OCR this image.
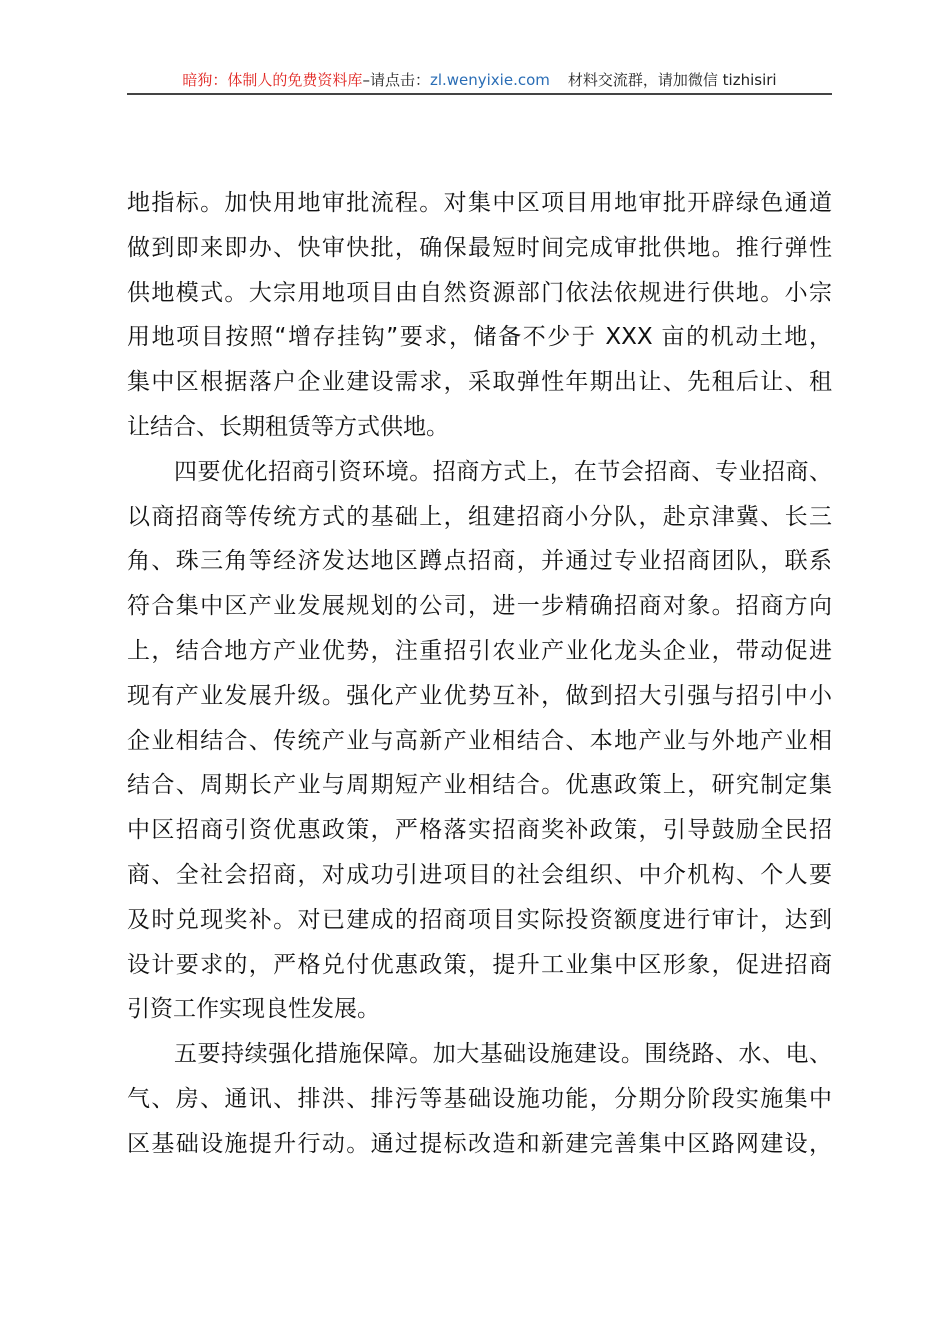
暗狗：体制人的免费资料库–请点击：zl.wenyixie.com 材料交流群，请加微信 tizhisiri
地指标。加快用地审批流程。对集中区项目用地审批开辟绿色通道
做到即来即办、快审快批，确保最短时间完成审批供地。推行弹性
供地模式。大宗用地项目由自然资源部门依法依规进行供地。小宗
用地项目按照“增存挂钩”要求，储备不少于 XXX 亩的机动土地，
集中区根据落户企业建设需求，采取弹性年期出让、先租后让、租
让结合、长期租赁等方式供地。
　　四要优化招商引资环境。招商方式上，在节会招商、专业招商、
以商招商等传统方式的基础上，组建招商小分队，赴京津冀、长三
角、珠三角等经济发达地区蹲点招商，并通过专业招商团队，联系
符合集中区产业发展规划的公司，进一步精确招商对象。招商方向
上，结合地方产业优势，注重招引农业产业化龙头企业，带动促进
现有产业发展升级。强化产业优势互补，做到招大引强与招引中小
企业相结合、传统产业与高新产业相结合、本地产业与外地产业相
结合、周期长产业与周期短产业相结合。优惠政策上，研究制定集
中区招商引资优惠政策，严格落实招商奖补政策，引导鼓励全民招
商、全社会招商，对成功引进项目的社会组织、中介机构、个人要
及时兑现奖补。对已建成的招商项目实际投资额度进行审计，达到
设计要求的，严格兑付优惠政策，提升工业集中区形象，促进招商
引资工作实现良性发展。
　　五要持续强化措施保障。加大基础设施建设。围绕路、水、电、
气、房、通讯、排洪、排污等基础设施功能，分期分阶段实施集中
区基础设施提升行动。通过提标改造和新建完善集中区路网建设，
